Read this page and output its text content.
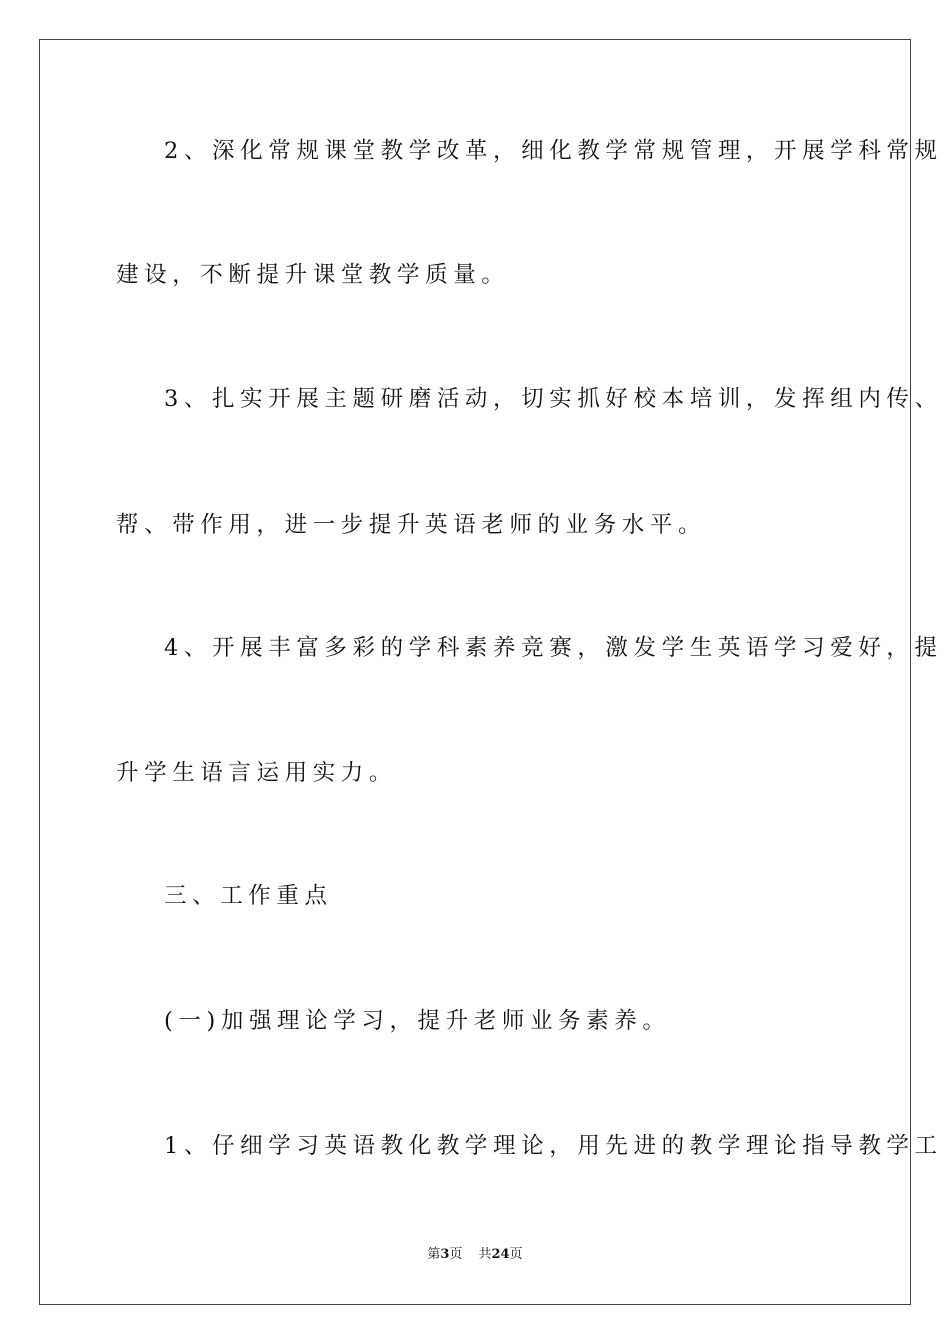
2、深化常规课堂教学改革，细化教学常规管理，开展学科常规
建设，不断提升课堂教学质量。
3、扎实开展主题研磨活动，切实抓好校本培训，发挥组内传、
帮、带作用，进一步提升英语老师的业务水平。
4、开展丰富多彩的学科素养竞赛，激发学生英语学习爱好，提
升学生语言运用实力。
三、工作重点
(一)加强理论学习，提升老师业务素养。
1、仔细学习英语教化教学理论，用先进的教学理论指导教学工
第3页 共24页
